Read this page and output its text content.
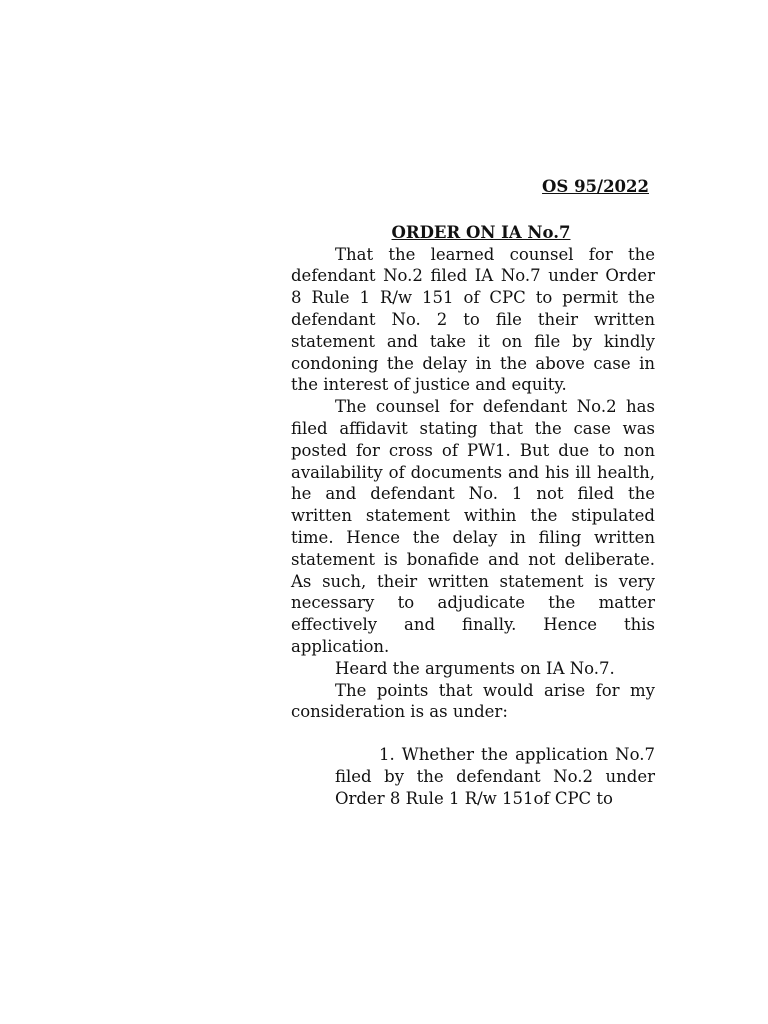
OS 95/2022
ORDER ON IA No.7

That the learned counsel for the defendant No.2 filed IA No.7 under Order 8 Rule 1 R/w 151 of CPC to permit the defendant No. 2 to file their written statement and take it on file by kindly condoning the delay in the above case in the interest of justice and equity.

The counsel for defendant No.2 has filed affidavit stating that the case was posted for cross of PW1. But due to non availability of documents and his ill health, he and defendant No. 1 not filed the written statement within the stipulated time. Hence the delay in filing written statement is bonafide and not deliberate. As such, their written statement is very necessary to adjudicate the matter effectively and finally. Hence this application.

Heard the arguments on IA No.7.

The points that would arise for my consideration is as under:

1. Whether the application No.7 filed by the defendant No.2 under Order 8 Rule 1 R/w 151of CPC to
